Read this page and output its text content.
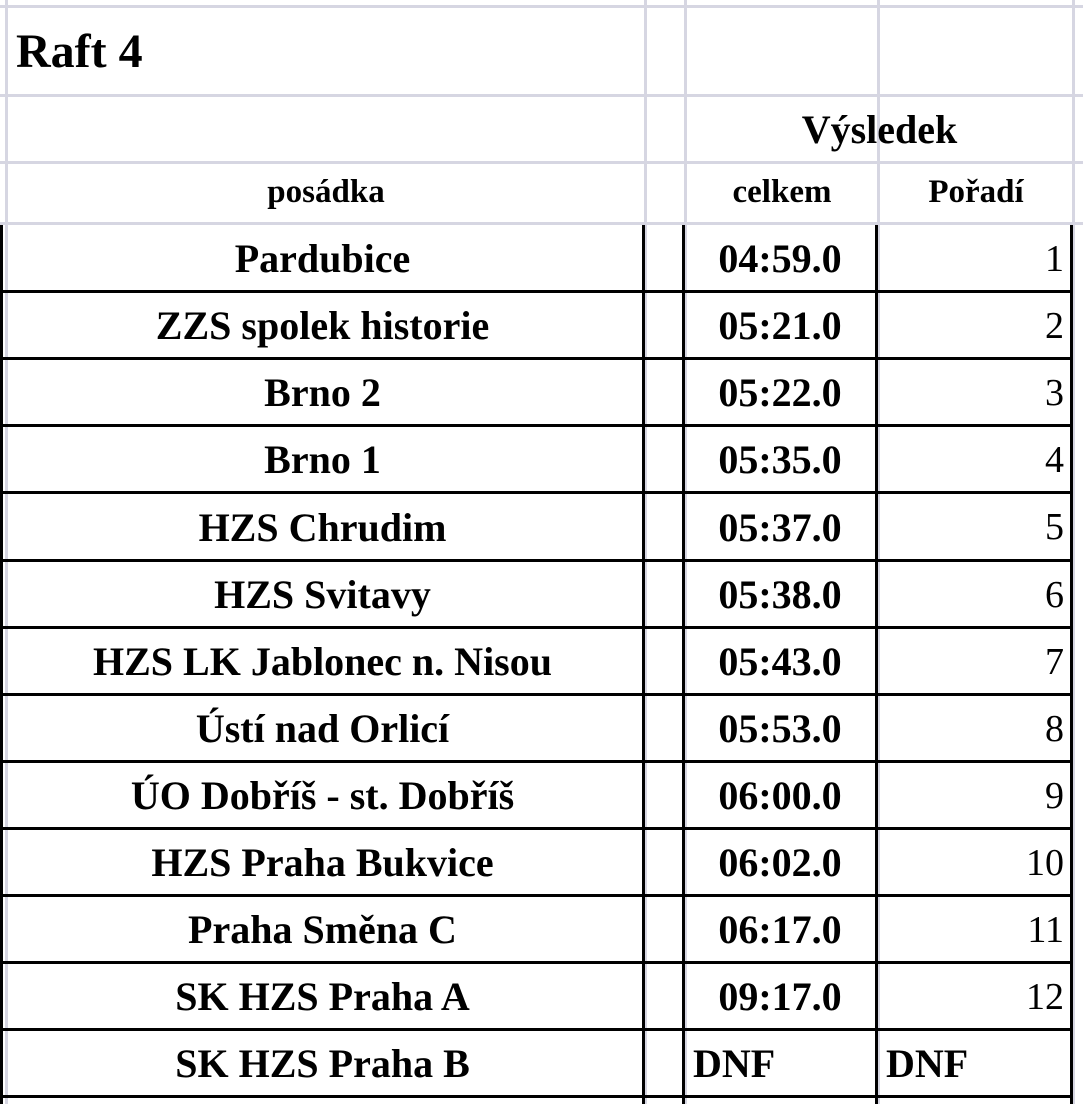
Raft 4
Výsledek
posádka	celkem	Pořadí
Pardubice	04:59.0	1
ZZS spolek historie	05:21.0	2
Brno 2	05:22.0	3
Brno 1	05:35.0	4
HZS Chrudim	05:37.0	5
HZS Svitavy	05:38.0	6
HZS LK Jablonec n. Nisou	05:43.0	7
Ústí nad Orlicí	05:53.0	8
ÚO Dobříš - st. Dobříš	06:00.0	9
HZS Praha Bukvice	06:02.0	10
Praha Směna C	06:17.0	11
SK HZS Praha A	09:17.0	12
SK HZS Praha B	DNF	DNF
